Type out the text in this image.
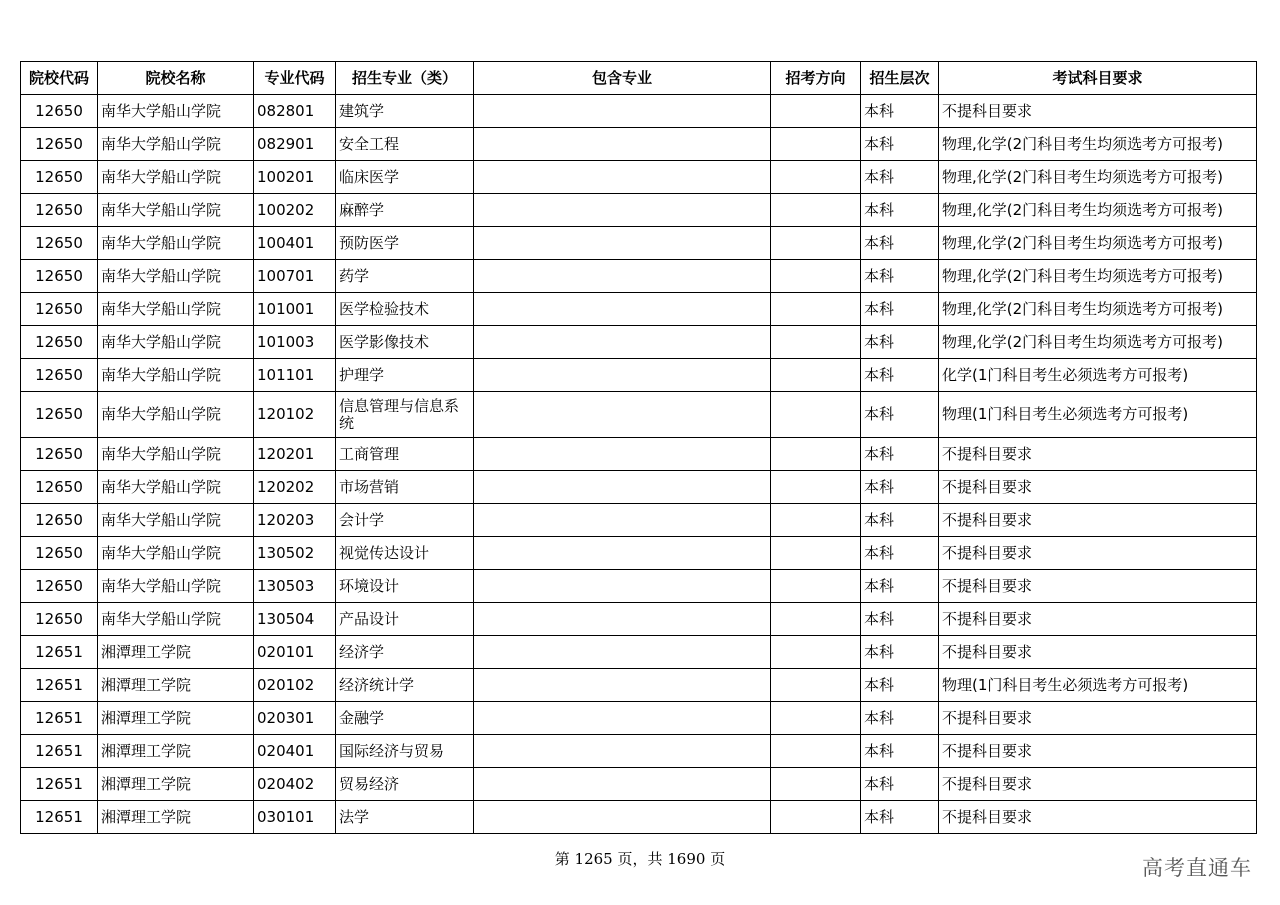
院校代码	院校名称	专业代码	招生专业（类）	包含专业	招考方向	招生层次	考试科目要求
12650	南华大学船山学院	082801	建筑学			本科	不提科目要求
12650	南华大学船山学院	082901	安全工程			本科	物理,化学(2门科目考生均须选考方可报考)
12650	南华大学船山学院	100201	临床医学			本科	物理,化学(2门科目考生均须选考方可报考)
12650	南华大学船山学院	100202	麻醉学			本科	物理,化学(2门科目考生均须选考方可报考)
12650	南华大学船山学院	100401	预防医学			本科	物理,化学(2门科目考生均须选考方可报考)
12650	南华大学船山学院	100701	药学			本科	物理,化学(2门科目考生均须选考方可报考)
12650	南华大学船山学院	101001	医学检验技术			本科	物理,化学(2门科目考生均须选考方可报考)
12650	南华大学船山学院	101003	医学影像技术			本科	物理,化学(2门科目考生均须选考方可报考)
12650	南华大学船山学院	101101	护理学			本科	化学(1门科目考生必须选考方可报考)
12650	南华大学船山学院	120102	信息管理与信息系统			本科	物理(1门科目考生必须选考方可报考)
12650	南华大学船山学院	120201	工商管理			本科	不提科目要求
12650	南华大学船山学院	120202	市场营销			本科	不提科目要求
12650	南华大学船山学院	120203	会计学			本科	不提科目要求
12650	南华大学船山学院	130502	视觉传达设计			本科	不提科目要求
12650	南华大学船山学院	130503	环境设计			本科	不提科目要求
12650	南华大学船山学院	130504	产品设计			本科	不提科目要求
12651	湘潭理工学院	020101	经济学			本科	不提科目要求
12651	湘潭理工学院	020102	经济统计学			本科	物理(1门科目考生必须选考方可报考)
12651	湘潭理工学院	020301	金融学			本科	不提科目要求
12651	湘潭理工学院	020401	国际经济与贸易			本科	不提科目要求
12651	湘潭理工学院	020402	贸易经济			本科	不提科目要求
12651	湘潭理工学院	030101	法学			本科	不提科目要求
第 1265 页，共 1690 页	高考直通车
